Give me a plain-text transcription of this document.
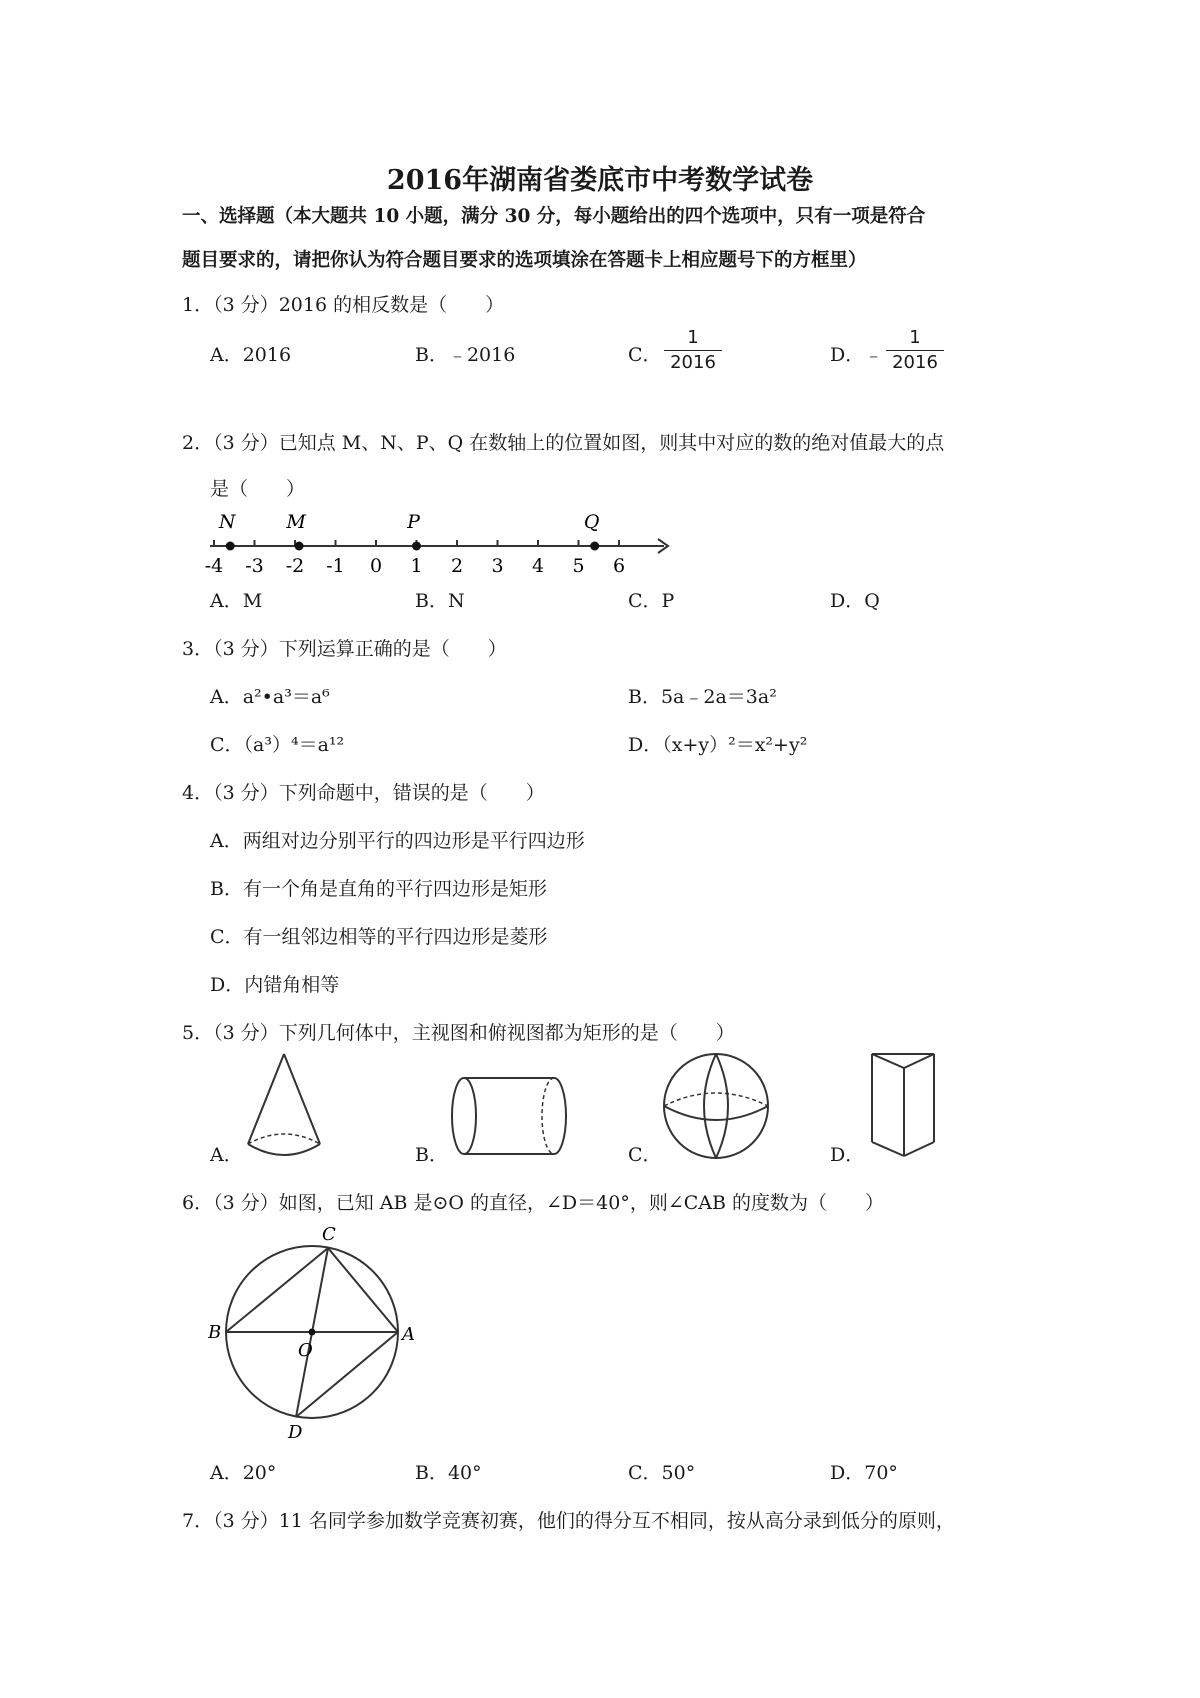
2016年湖南省娄底市中考数学试卷
一、选择题（本大题共 10 小题，满分 30 分，每小题给出的四个选项中，只有一项是符合
题目要求的，请把你认为符合题目要求的选项填涂在答题卡上相应题号下的方框里）
1．（3 分）2016 的相反数是（　　）
A．2016	B．﹣2016	C．
1
2016	D．﹣
1
2016
2．（3 分）已知点 M、N、P、Q 在数轴上的位置如图，则其中对应的数的绝对值最大的点
是（　　）
-4 -3 -2 -1 0 1 2 3 4 5 6
N	M	P	Q
A．M	B．N	C．P	D．Q
3．（3 分）下列运算正确的是（　　）
A．a²•a³＝a⁶	B．5a﹣2a＝3a²
C．（a³）⁴＝a¹²	D．（x+y）²＝x²+y²
4．（3 分）下列命题中，错误的是（　　）
A．两组对边分别平行的四边形是平行四边形
B．有一个角是直角的平行四边形是矩形
C．有一组邻边相等的平行四边形是菱形
D．内错角相等
5．（3 分）下列几何体中，主视图和俯视图都为矩形的是（　　）
A．	B．	C．	D．
6．（3 分）如图，已知 AB 是⊙O 的直径，∠D＝40°，则∠CAB 的度数为（　　）
C
B	A
O
D
A．20°	B．40°	C．50°	D．70°
7．（3 分）11 名同学参加数学竞赛初赛，他们的得分互不相同，按从高分录到低分的原则，
